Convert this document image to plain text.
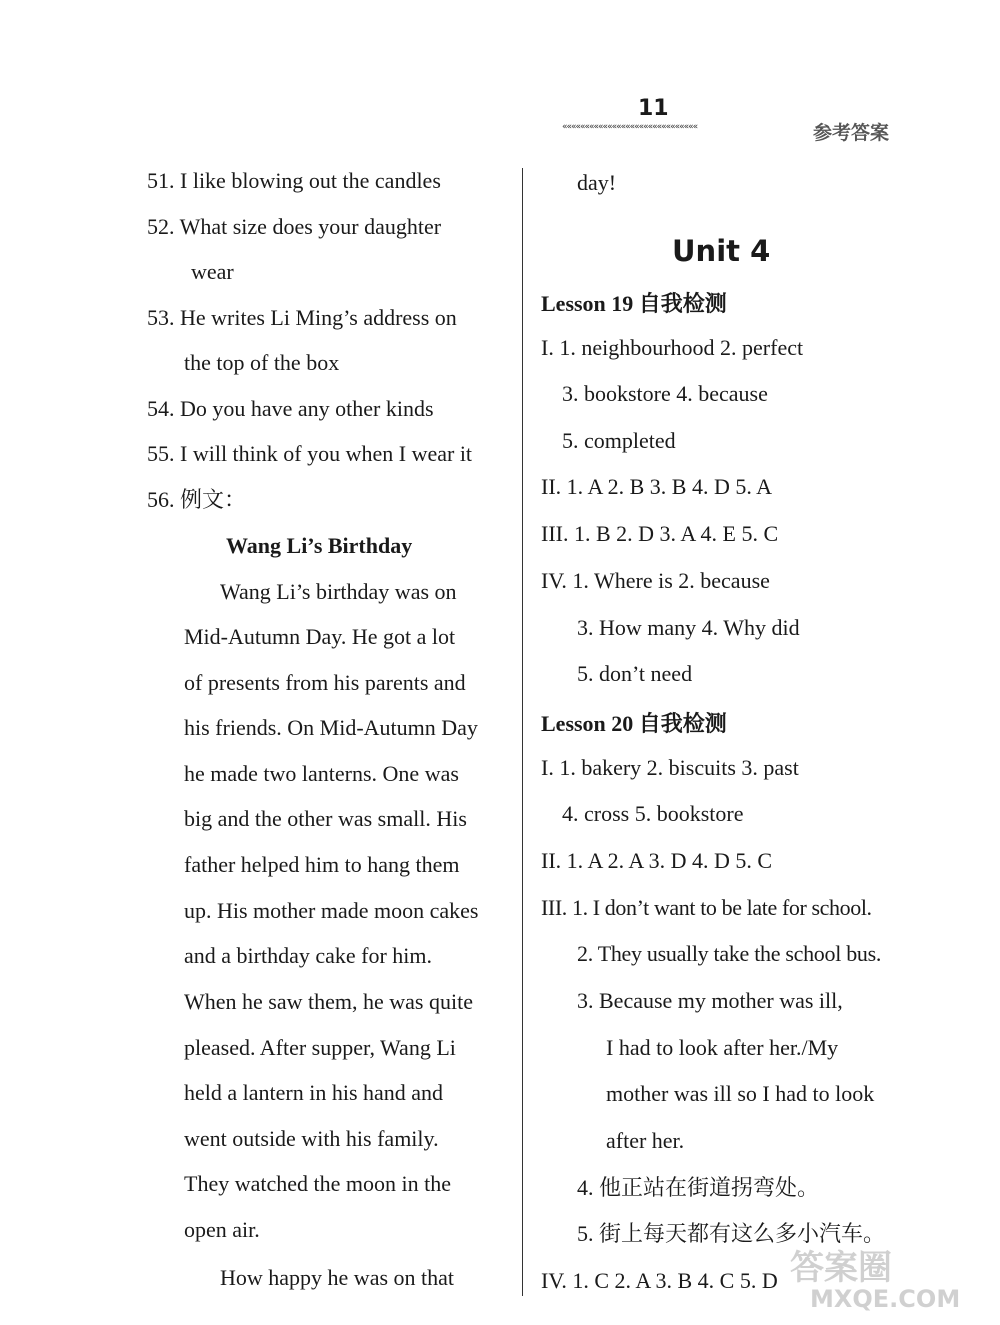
11
««««««««««««««««««««««««««««««	参考答案
51. I like blowing out the candles
52. What size does your daughter
wear
53. He writes Li Ming’s address on
the top of the box
54. Do you have any other kinds
55. I will think of you when I wear it
56. 例文：
Wang Li’s Birthday
Wang Li’s birthday was on
Mid-Autumn Day. He got a lot
of presents from his parents and
his friends. On Mid-Autumn Day
he made two lanterns. One was
big and the other was small. His
father helped him to hang them
up. His mother made moon cakes
and a birthday cake for him.
When he saw them, he was quite
pleased. After supper, Wang Li
held a lantern in his hand and
went outside with his family.
They watched the moon in the
open air.
How happy he was on that
day!
Unit 4
Lesson 19 自我检测
I. 1. neighbourhood 2. perfect
3. bookstore 4. because
5. completed
II. 1. A 2. B 3. B 4. D 5. A
III. 1. B 2. D 3. A 4. E 5. C
IV. 1. Where is 2. because
3. How many 4. Why did
5. don’t need
Lesson 20 自我检测
I. 1. bakery 2. biscuits 3. past
4. cross 5. bookstore
II. 1. A 2. A 3. D 4. D 5. C
III. 1. I don’t want to be late for school.
2. They usually take the school bus.
3. Because my mother was ill,
I had to look after her./My
mother was ill so I had to look
after her.
4. 他正站在街道拐弯处。
5. 街上每天都有这么多小汽车。
IV. 1. C 2. A 3. B 4. C 5. D 答案圈
MXQE.COM
